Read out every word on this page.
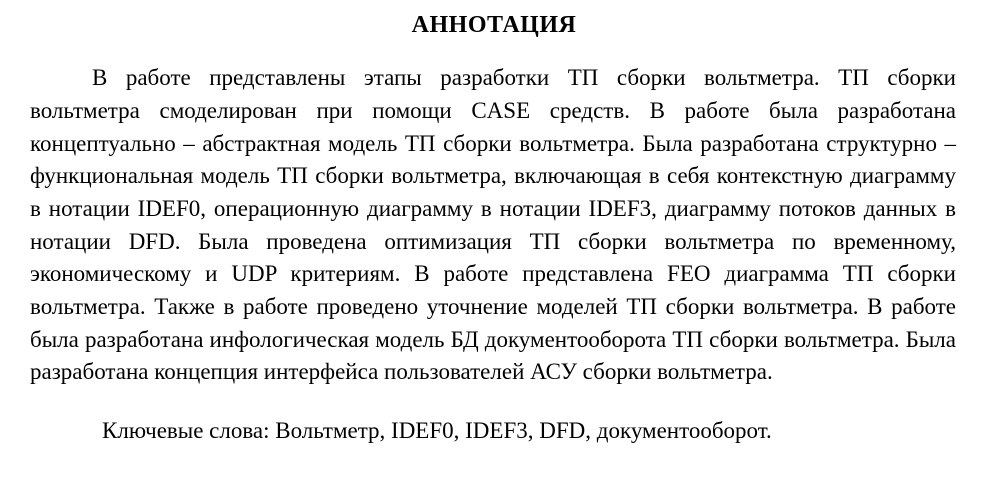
АННОТАЦИЯ

В работе представлены этапы разработки ТП сборки вольтметра. ТП сборки вольтметра смоделирован при помощи CASE средств. В работе была разработана концептуально – абстрактная модель ТП сборки вольтметра. Была разработана структурно – функциональная модель ТП сборки вольтметра, включающая в себя контекстную диаграмму в нотации IDEF0, операционную диаграмму в нотации IDEF3, диаграмму потоков данных в нотации DFD. Была проведена оптимизация ТП сборки вольтметра по временному, экономическому и UDP критериям. В работе представлена FEO диаграмма ТП сборки вольтметра. Также в работе проведено уточнение моделей ТП сборки вольтметра. В работе была разработана инфологическая модель БД документооборота ТП сборки вольтметра. Была разработана концепция интерфейса пользователей АСУ сборки вольтметра.

Ключевые слова: Вольтметр, IDEF0, IDEF3, DFD, документооборот.
